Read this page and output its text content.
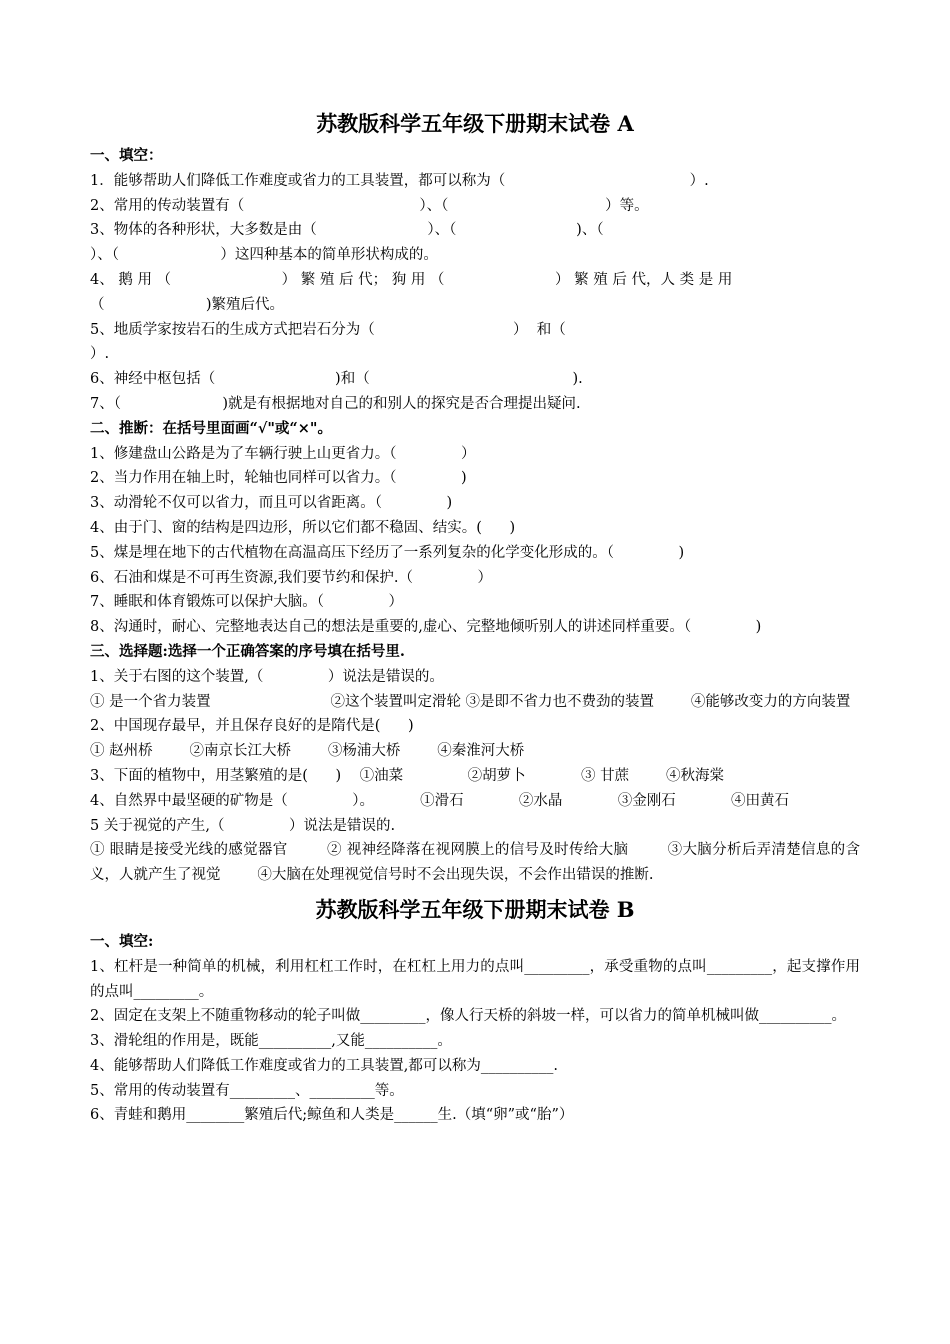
苏教版科学五年级下册期末试卷 A
一、填空：
1．能够帮助人们降低工作难度或省力的工具装置，都可以称为（                                        ）.
2、常用的传动装置有（                                      ）、（                                  ）等。
3、物体的各种形状，大多数是由（                        ）、（                          )、（
）、（                      ）这四种基本的简单形状构成的。
4、 鹅 用 （                        ） 繁 殖 后 代； 狗 用 （                        ） 繁 殖 后 代，人 类 是 用
（                      )繁殖后代。
5、地质学家按岩石的生成方式把岩石分为（                              ）  和（
）.
6、神经中枢包括（                          )和（                                            ).
7、（                      )就是有根据地对自己的和别人的探究是否合理提出疑问.
二、推断：在括号里面画“√"或“×"。
1、修建盘山公路是为了车辆行驶上山更省力。（              ）
2、当力作用在轴上时，轮轴也同样可以省力。（              )
3、动滑轮不仅可以省力，而且可以省距离。（              )
4、由于门、窗的结构是四边形，所以它们都不稳固、结实。(      )
5、煤是埋在地下的古代植物在高温高压下经历了一系列复杂的化学变化形成的。（              )
6、石油和煤是不可再生资源,我们要节约和保护.（              ）
7、睡眠和体育锻炼可以保护大脑。（              ）
8、沟通时，耐心、完整地表达自己的想法是重要的,虚心、完整地倾听别人的讲述同样重要。（              )
三、选择题:选择一个正确答案的序号填在括号里.
1、关于右图的这个装置,（              ）说法是错误的。
① 是一个省力装置                          ②这个装置叫定滑轮 ③是即不省力也不费劲的装置        ④能够改变力的方向装置
2、中国现存最早，并且保存良好的是隋代是(      )
① 赵州桥        ②南京长江大桥        ③杨浦大桥        ④秦淮河大桥
3、下面的植物中，用茎繁殖的是(      )    ①油菜              ②胡萝卜            ③ 甘蔗        ④秋海棠
4、自然界中最坚硬的矿物是（              ）。          ①滑石            ②水晶            ③金刚石            ④田黄石
5 关于视觉的产生,（              ）说法是错误的.
① 眼睛是接受光线的感觉器官        ② 视神经降落在视网膜上的信号及时传给大脑        ③大脑分析后弄清楚信息的含义，人就产生了视觉        ④大脑在处理视觉信号时不会出现失误，不会作出错误的推断.
苏教版科学五年级下册期末试卷 B
一、填空:
1、杠杆是一种简单的机械，利用杠杠工作时，在杠杠上用力的点叫_________，承受重物的点叫_________，起支撑作用的点叫_________。
2、固定在支架上不随重物移动的轮子叫做_________，像人行天桥的斜坡一样，可以省力的简单机械叫做__________。
3、滑轮组的作用是，既能__________,又能__________。
4、能够帮助人们降低工作难度或省力的工具装置,都可以称为__________.
5、常用的传动装置有_________、_________等。
6、青蛙和鹅用________繁殖后代;鲸鱼和人类是______生.（填“卵”或“胎”）
